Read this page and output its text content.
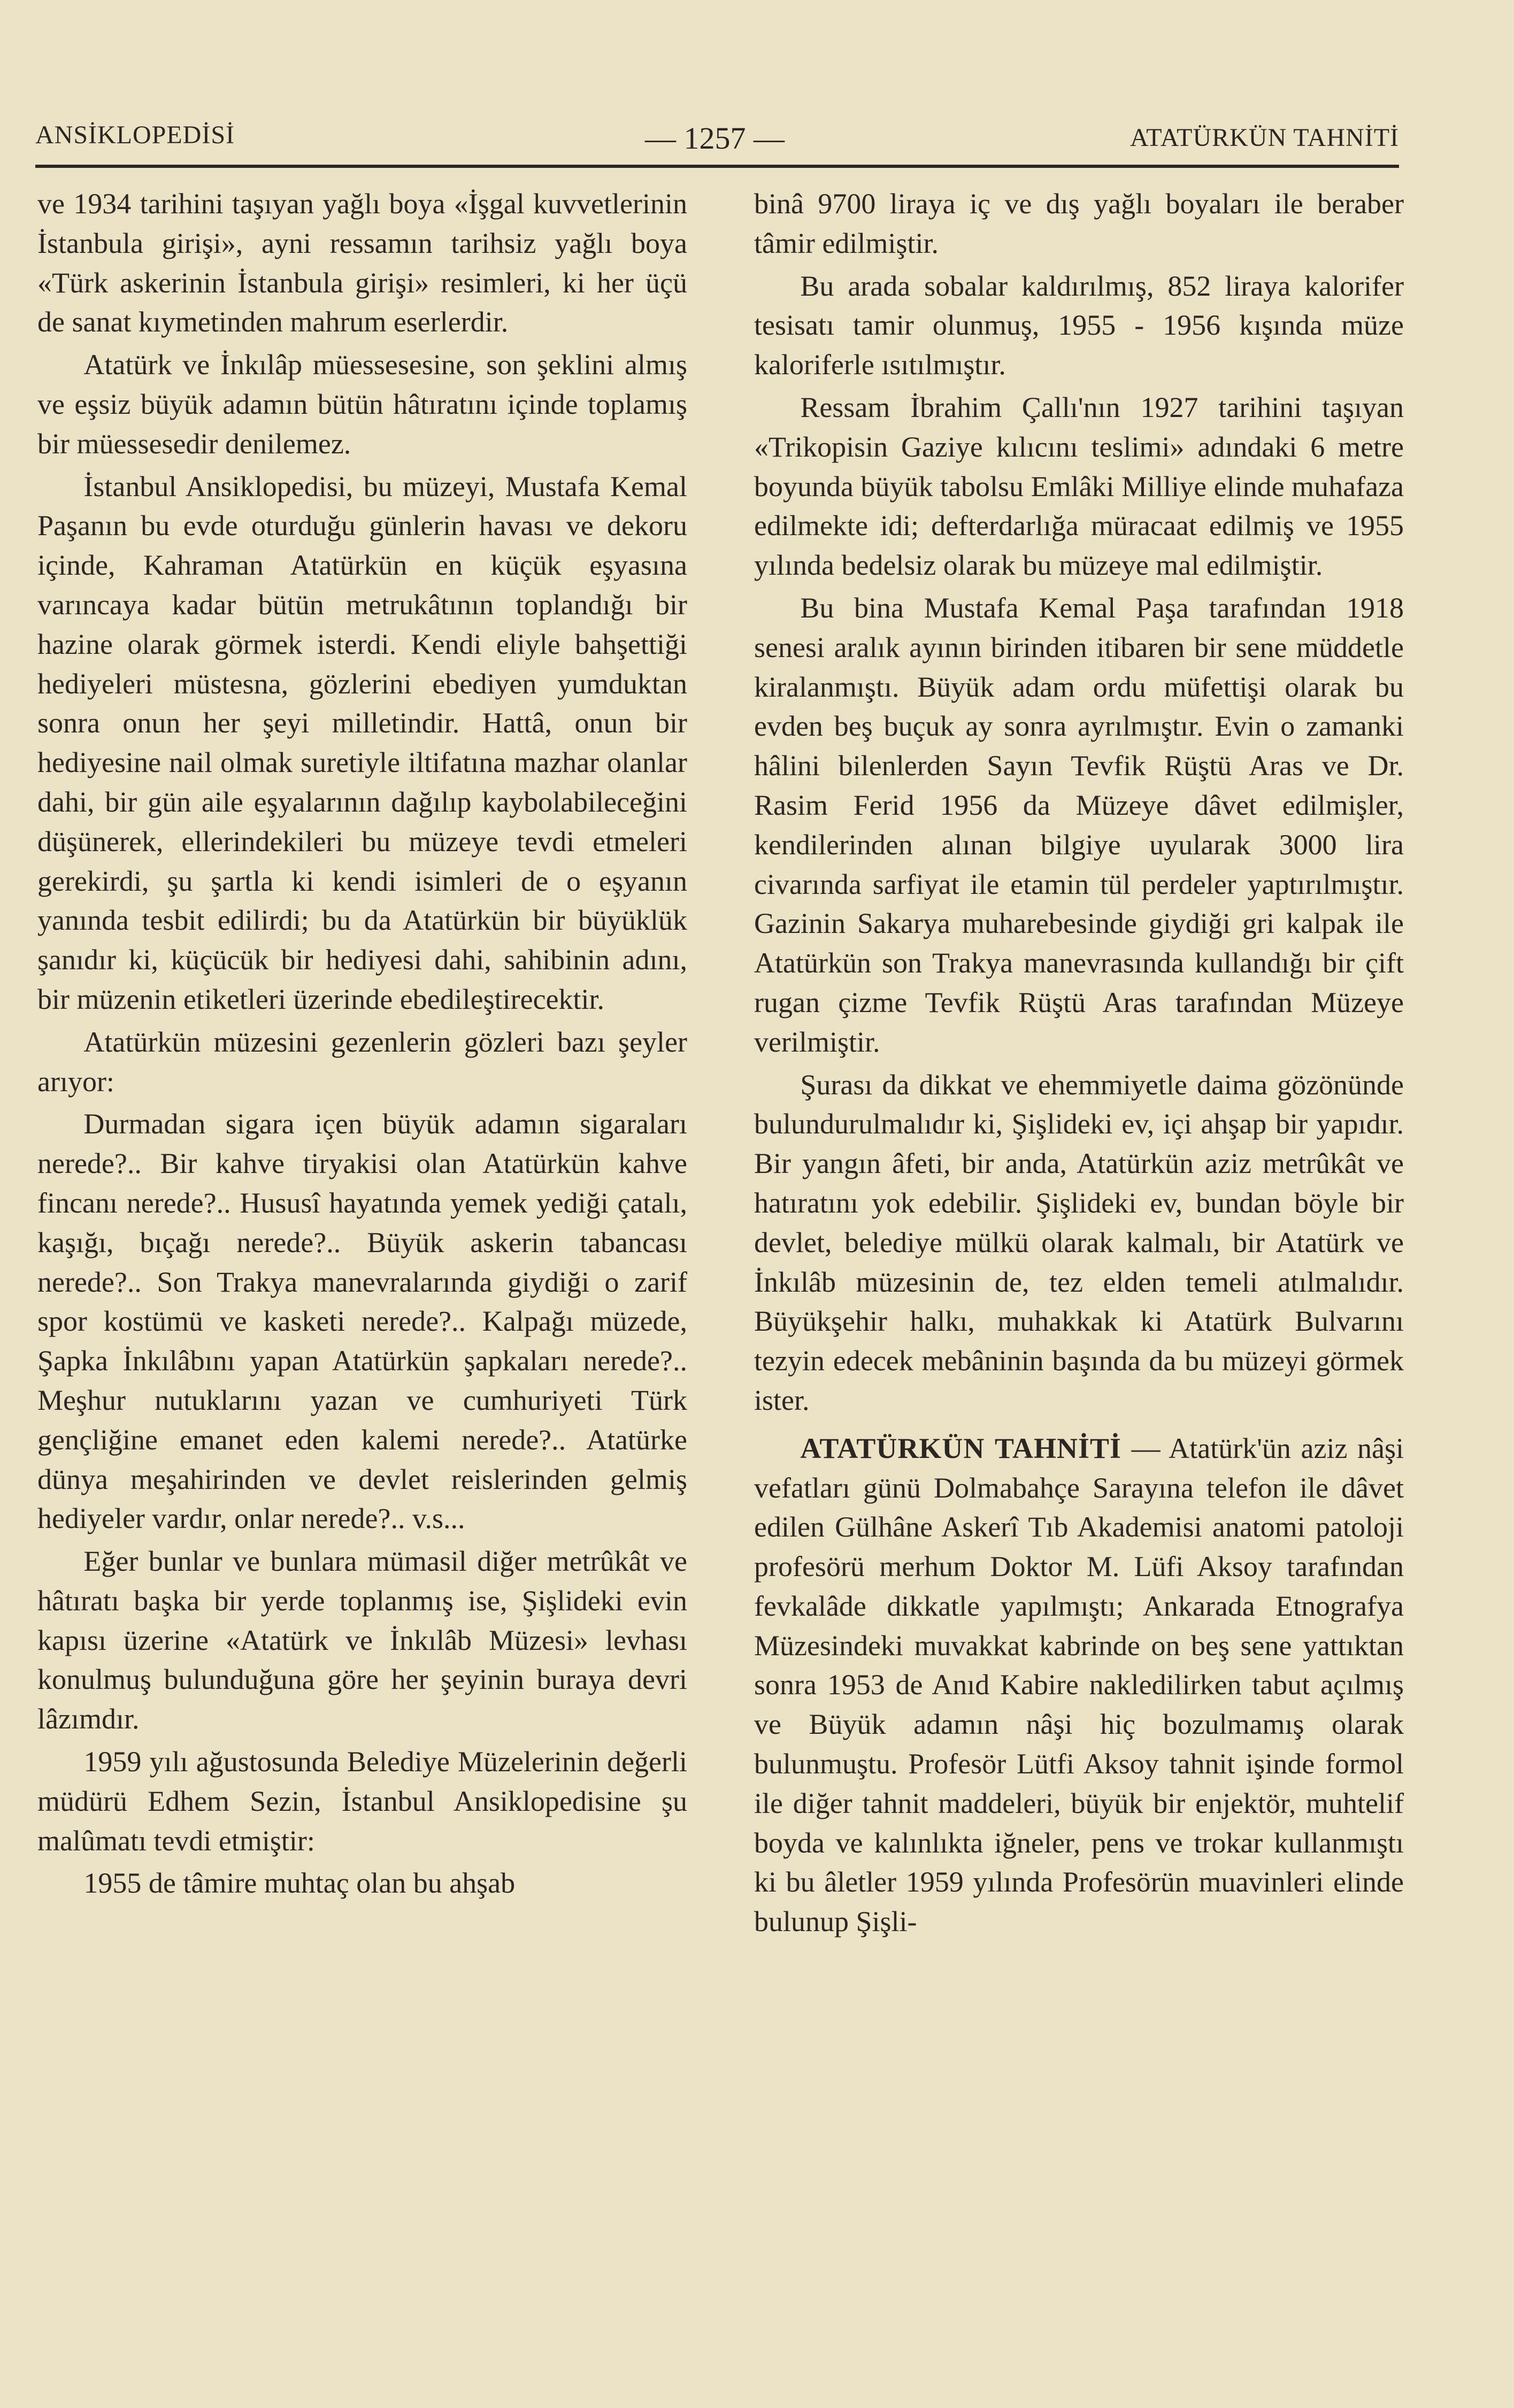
ANSİKLOPEDİSİ	— 1257 —	ATATÜRKÜN TAHNİTİ

ve 1934 tarihini taşıyan yağlı boya «İşgal kuvvetlerinin İstanbula girişi», ayni ressamın tarihsiz yağlı boya «Türk askerinin İstanbula girişi» resimleri, ki her üçü de sanat kıymetinden mahrum eserlerdir.

Atatürk ve İnkılâp müessesesine, son şeklini almış ve eşsiz büyük adamın bütün hâtıratını içinde toplamış bir müessesedir denilemez.

İstanbul Ansiklopedisi, bu müzeyi, Mustafa Kemal Paşanın bu evde oturduğu günlerin havası ve dekoru içinde, Kahraman Atatürkün en küçük eşyasına varıncaya kadar bütün metrukâtının toplandığı bir hazine olarak görmek isterdi. Kendi eliyle bahşettiği hediyeleri müstesna, gözlerini ebediyen yumduktan sonra onun her şeyi milletindir. Hattâ, onun bir hediyesine nail olmak suretiyle iltifatına mazhar olanlar dahi, bir gün aile eşyalarının dağılıp kaybolabileceğini düşünerek, ellerindekileri bu müzeye tevdi etmeleri gerekirdi, şu şartla ki kendi isimleri de o eşyanın yanında tesbit edilirdi; bu da Atatürkün bir büyüklük şanıdır ki, küçücük bir hediyesi dahi, sahibinin adını, bir müzenin etiketleri üzerinde ebedileştirecektir.

Atatürkün müzesini gezenlerin gözleri bazı şeyler arıyor:

Durmadan sigara içen büyük adamın sigaraları nerede?.. Bir kahve tiryakisi olan Atatürkün kahve fincanı nerede?.. Hususî hayatında yemek yediği çatalı, kaşığı, bıçağı nerede?.. Büyük askerin tabancası nerede?.. Son Trakya manevralarında giydiği o zarif spor kostümü ve kasketi nerede?.. Kalpağı müzede, Şapka İnkılâbını yapan Atatürkün şapkaları nerede?.. Meşhur nutuklarını yazan ve cumhuriyeti Türk gençliğine emanet eden kalemi nerede?.. Atatürke dünya meşahirinden ve devlet reislerinden gelmiş hediyeler vardır, onlar nerede?.. v.s...

Eğer bunlar ve bunlara mümasil diğer metrûkât ve hâtıratı başka bir yerde toplanmış ise, Şişlideki evin kapısı üzerine «Atatürk ve İnkılâb Müzesi» levhası konulmuş bulunduğuna göre her şeyinin buraya devri lâzımdır.

1959 yılı ağustosunda Belediye Müzelerinin değerli müdürü Edhem Sezin, İstanbul Ansiklopedisine şu malûmatı tevdi etmiştir:

1955 de tâmire muhtaç olan bu ahşab

binâ 9700 liraya iç ve dış yağlı boyaları ile beraber tâmir edilmiştir.

Bu arada sobalar kaldırılmış, 852 liraya kalorifer tesisatı tamir olunmuş, 1955 - 1956 kışında müze kaloriferle ısıtılmıştır.

Ressam İbrahim Çallı'nın 1927 tarihini taşıyan «Trikopisin Gaziye kılıcını teslimi» adındaki 6 metre boyunda büyük tabolsu Emlâki Milliye elinde muhafaza edilmekte idi; defterdarlığa müracaat edilmiş ve 1955 yılında bedelsiz olarak bu müzeye mal edilmiştir.

Bu bina Mustafa Kemal Paşa tarafından 1918 senesi aralık ayının birinden itibaren bir sene müddetle kiralanmıştı. Büyük adam ordu müfettişi olarak bu evden beş buçuk ay sonra ayrılmıştır. Evin o zamanki hâlini bilenlerden Sayın Tevfik Rüştü Aras ve Dr. Rasim Ferid 1956 da Müzeye dâvet edilmişler, kendilerinden alınan bilgiye uyularak 3000 lira civarında sarfiyat ile etamin tül perdeler yaptırılmıştır. Gazinin Sakarya muharebesinde giydiği gri kalpak ile Atatürkün son Trakya manevrasında kullandığı bir çift rugan çizme Tevfik Rüştü Aras tarafından Müzeye verilmiştir.

Şurası da dikkat ve ehemmiyetle daima gözönünde bulundurulmalıdır ki, Şişlideki ev, içi ahşap bir yapıdır. Bir yangın âfeti, bir anda, Atatürkün aziz metrûkât ve hatıratını yok edebilir. Şişlideki ev, bundan böyle bir devlet, belediye mülkü olarak kalmalı, bir Atatürk ve İnkılâb müzesinin de, tez elden temeli atılmalıdır. Büyükşehir halkı, muhakkak ki Atatürk Bulvarını tezyin edecek mebâninin başında da bu müzeyi görmek ister.

ATATÜRKÜN TAHNİTİ — Atatürk'ün aziz nâşi vefatları günü Dolmabahçe Sarayına telefon ile dâvet edilen Gülhâne Askerî Tıb Akademisi anatomi patoloji profesörü merhum Doktor M. Lüfi Aksoy tarafından fevkalâde dikkatle yapılmıştı; Ankarada Etnografya Müzesindeki muvakkat kabrinde on beş sene yattıktan sonra 1953 de Anıd Kabire nakledilirken tabut açılmış ve Büyük adamın nâşi hiç bozulmamış olarak bulunmuştu. Profesör Lütfi Aksoy tahnit işinde formol ile diğer tahnit maddeleri, büyük bir enjektör, muhtelif boyda ve kalınlıkta iğneler, pens ve trokar kullanmıştı ki bu âletler 1959 yılında Profesörün muavinleri elinde bulunup Şişli-
